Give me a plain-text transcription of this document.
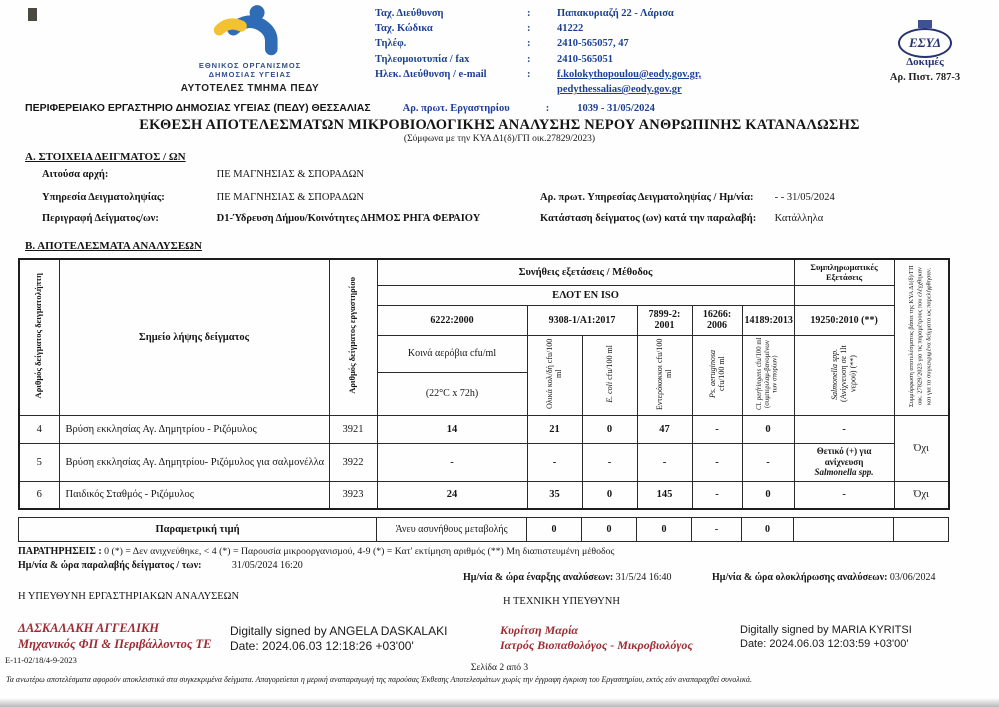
ΕΘΝΙΚΟΣ ΟΡΓΑΝΙΣΜΟΣ
ΔΗΜΟΣΙΑΣ ΥΓΕΙΑΣ
ΑΥΤΟΤΕΛΕΣ ΤΜΗΜΑ ΠΕΔΥ
Ταχ. Διεύθυνση	:	Παπακυριαζή 22 - Λάρισα
Ταχ. Κώδικα	:	41222
Τηλέφ.	:	2410-565057, 47
Τηλεομοιοτυπία / fax	:	2410-565051
Ηλεκ. Διεύθυνση / e-mail	:	f.kolokythopoulou@eody.gov.gr,
pedythessalias@eody.gov.gr
ΕΣΥΔ
Δοκιμές
Αρ. Πιστ. 787-3
ΠΕΡΙΦΕΡΕΙΑΚΟ ΕΡΓΑΣΤΗΡΙΟ ΔΗΜΟΣΙΑΣ ΥΓΕΙΑΣ (ΠΕΔΥ) ΘΕΣΣΑΛΙΑΣ	Αρ. πρωτ. Εργαστηρίου	:	1039 - 31/05/2024
ΕΚΘΕΣΗ ΑΠΟΤΕΛΕΣΜΑΤΩΝ ΜΙΚΡΟΒΙΟΛΟΓΙΚΗΣ ΑΝΑΛΥΣΗΣ ΝΕΡΟΥ ΑΝΘΡΩΠΙΝΗΣ ΚΑΤΑΝΑΛΩΣΗΣ
(Σύμφωνα με την ΚΥΑ Δ1(δ)/ΓΠ οικ.27829/2023)
Α. ΣΤΟΙΧΕΙΑ ΔΕΙΓΜΑΤΟΣ / ΩΝ
Αιτούσα αρχή:	ΠΕ ΜΑΓΝΗΣΙΑΣ & ΣΠΟΡΑΔΩΝ
Υπηρεσία Δειγματοληψίας:	ΠΕ ΜΑΓΝΗΣΙΑΣ & ΣΠΟΡΑΔΩΝ
Περιγραφή Δείγματος/ων:	D1-Ύδρευση Δήμου/Κοινότητες ΔΗΜΟΣ ΡΗΓΑ ΦΕΡΑΙΟΥ
Αρ. πρωτ. Υπηρεσίας Δειγματοληψίας / Ημ/νία: - - 31/05/2024
Κατάσταση δείγματος (ων) κατά την παραλαβή: Κατάλληλα
Β. ΑΠΟΤΕΛΕΣΜΑΤΑ ΑΝΑΛΥΣΕΩΝ
Αριθμός δείγματος δειγματολήπτη	Σημείο λήψης δείγματος	Αριθμός δείγματος εργαστηρίου	Συνήθεις εξετάσεις / Μέθοδος						Συμπληρωματικές Εξετάσεις	Συμμόρφωση αποτελέσματος βάσει της ΚΥΑ Δ1(δ)/ΓΠ οικ. 27829/2023 για τις παραμέτρους που ελέγχθηκαν και για τα συγκεκριμένα δείγματα ως παρελήφθησαν.
			ΕΛΟΤ ΕΝ ISO							
			6222:2000	9308-1/Α1:2017		7899-2: 2001	16266: 2006	14189:2013	19250:2010 (**)	
			Κοινά αερόβια cfu/ml	Ολικά κολ/δή cfu/100 ml	E. coli cfu/100 ml	Εντερόκοκκοι cfu/100 ml	Ps. aeruginosa cfu/100 ml	Cl. perfringens cfu/100 ml (συμπεριλαμ-βανομένων των σπορίων)	Salmonella spp. (Ανίχνευση σε 1lt νερού) (**)	
			(22°C x 72h)							
4	Βρύση εκκλησίας Αγ. Δημητρίου - Ριζόμυλος	3921	14	21	0	47	-	0	-	Όχι
5	Βρύση εκκλησίας Αγ. Δημητρίου- Ριζόμυλος για σαλμονέλλα	3922	-	-	-	-	-	-	Θετικό (+) για ανίχνευση
Salmonella spp.	

6	Παιδικός Σταθμός - Ριζόμυλος	3923	24	35	0	145	-	0	-	Όχι
Παραμετρική τιμή	Άνευ ασυνήθους μεταβολής	0	0	0	-	0		
ΠΑΡΑΤΗΡΗΣΕΙΣ : 0 (*) = Δεν ανιχνεύθηκε, < 4 (*) = Παρουσία μικροοργανισμού, 4-9 (*) = Κατ' εκτίμηση αριθμός (**) Μη διαπιστευμένη μέθοδος
Ημ/νία & ώρα παραλαβής δείγματος / των:	31/05/2024 16:20
Ημ/νία & ώρα έναρξης αναλύσεων: 31/5/24 16:40	Ημ/νία & ώρα ολοκλήρωσης αναλύσεων: 03/06/2024
Η ΥΠΕΥΘΥΝΗ ΕΡΓΑΣΤΗΡΙΑΚΩΝ ΑΝΑΛΥΣΕΩΝ	Η ΤΕΧΝΙΚΗ ΥΠΕΥΘΥΝΗ
ΔΑΣΚΑΛΑΚΗ ΑΓΓΕΛΙΚΗ
Μηχανικός ΦΠ & Περιβάλλοντος ΤΕ
Digitally signed by ANGELA DASKALAKI
Date: 2024.06.03 12:18:26 +03'00'
Κυρίτση Μαρία
Ιατρός Βιοπαθολόγος - Μικροβιολόγος
Digitally signed by MARIA KYRITSI
Date: 2024.06.03 12:03:59 +03'00'
Ε-11-02/18/4-9-2023
Σελίδα 2 από 3
Τα ανωτέρω αποτελέσματα αφορούν αποκλειστικά στα συγκεκριμένα δείγματα. Απαγορεύεται η μερική αναπαραγωγή της παρούσας Έκθεσης Αποτελεσμάτων χωρίς την έγγραφη έγκριση του Εργαστηρίου, εκτός εάν αναπαραχθεί συνολικά.
